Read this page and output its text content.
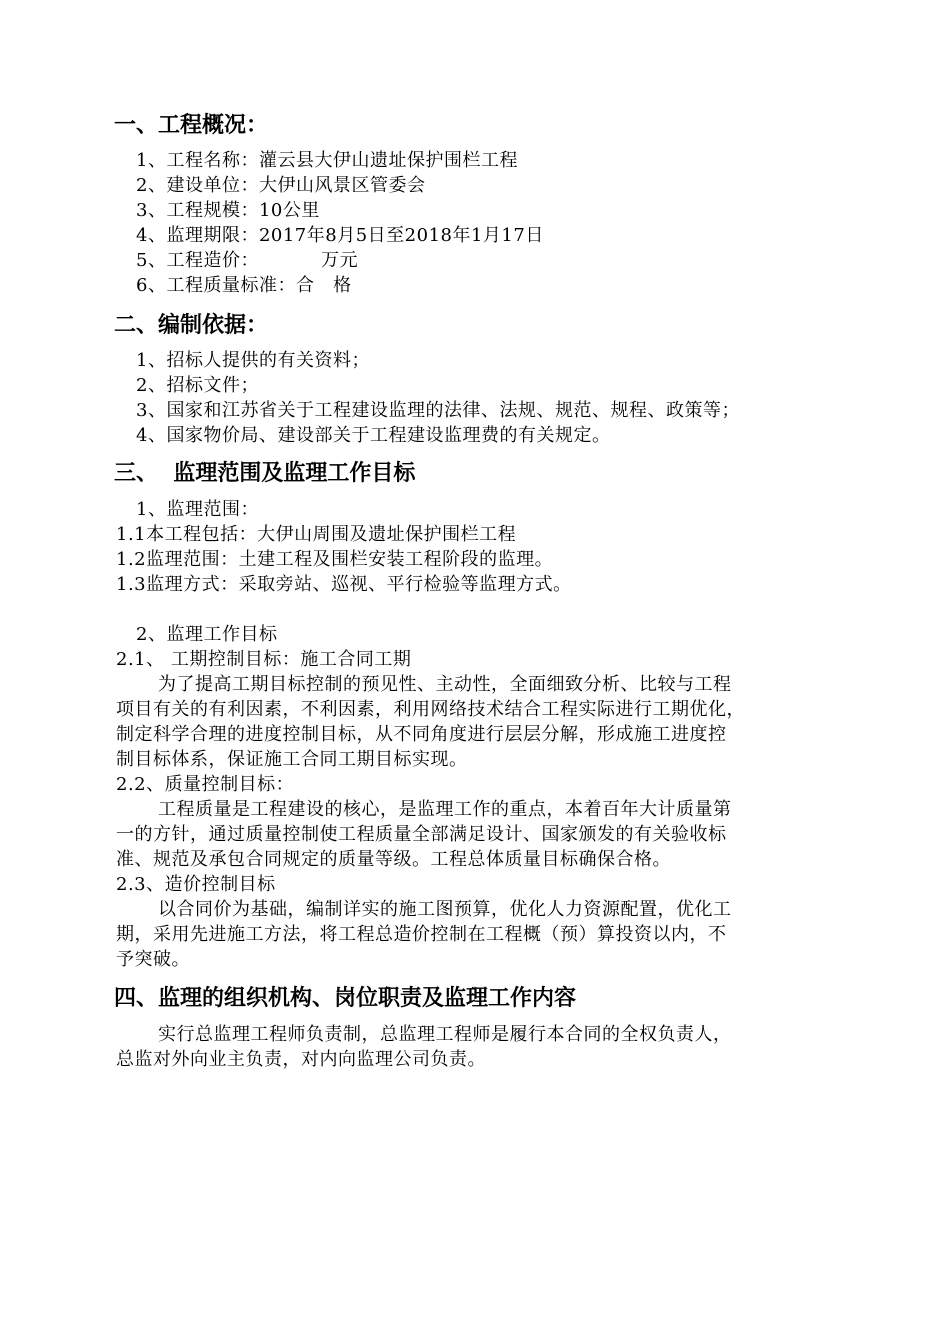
一、工程概况：
1、工程名称：灌云县大伊山遗址保护围栏工程
2、建设单位：大伊山风景区管委会
3、工程规模：10公里
4、监理期限：2017年8月5日至2018年1月17日
5、工程造价：          万元
6、工程质量标准：合   格
二、编制依据：
1、招标人提供的有关资料；
2、招标文件；
3、国家和江苏省关于工程建设监理的法律、法规、规范、规程、政策等；
4、国家物价局、建设部关于工程建设监理费的有关规定。
三、  监理范围及监理工作目标
1、监理范围：
1.1本工程包括：大伊山周围及遗址保护围栏工程
1.2监理范围：土建工程及围栏安装工程阶段的监理。
1.3监理方式：采取旁站、巡视、平行检验等监理方式。
2、监理工作目标
2.1、 工期控制目标：施工合同工期
为了提高工期目标控制的预见性、主动性，全面细致分析、比较与工程
项目有关的有利因素，不利因素，利用网络技术结合工程实际进行工期优化，
制定科学合理的进度控制目标，从不同角度进行层层分解，形成施工进度控
制目标体系，保证施工合同工期目标实现。
2.2、质量控制目标：
工程质量是工程建设的核心，是监理工作的重点，本着百年大计质量第
一的方针，通过质量控制使工程质量全部满足设计、国家颁发的有关验收标
准、规范及承包合同规定的质量等级。工程总体质量目标确保合格。
2.3、造价控制目标
以合同价为基础，编制详实的施工图预算，优化人力资源配置，优化工
期，采用先进施工方法，将工程总造价控制在工程概（预）算投资以内，不
予突破。
四、监理的组织机构、岗位职责及监理工作内容
实行总监理工程师负责制，总监理工程师是履行本合同的全权负责人，
总监对外向业主负责，对内向监理公司负责。
